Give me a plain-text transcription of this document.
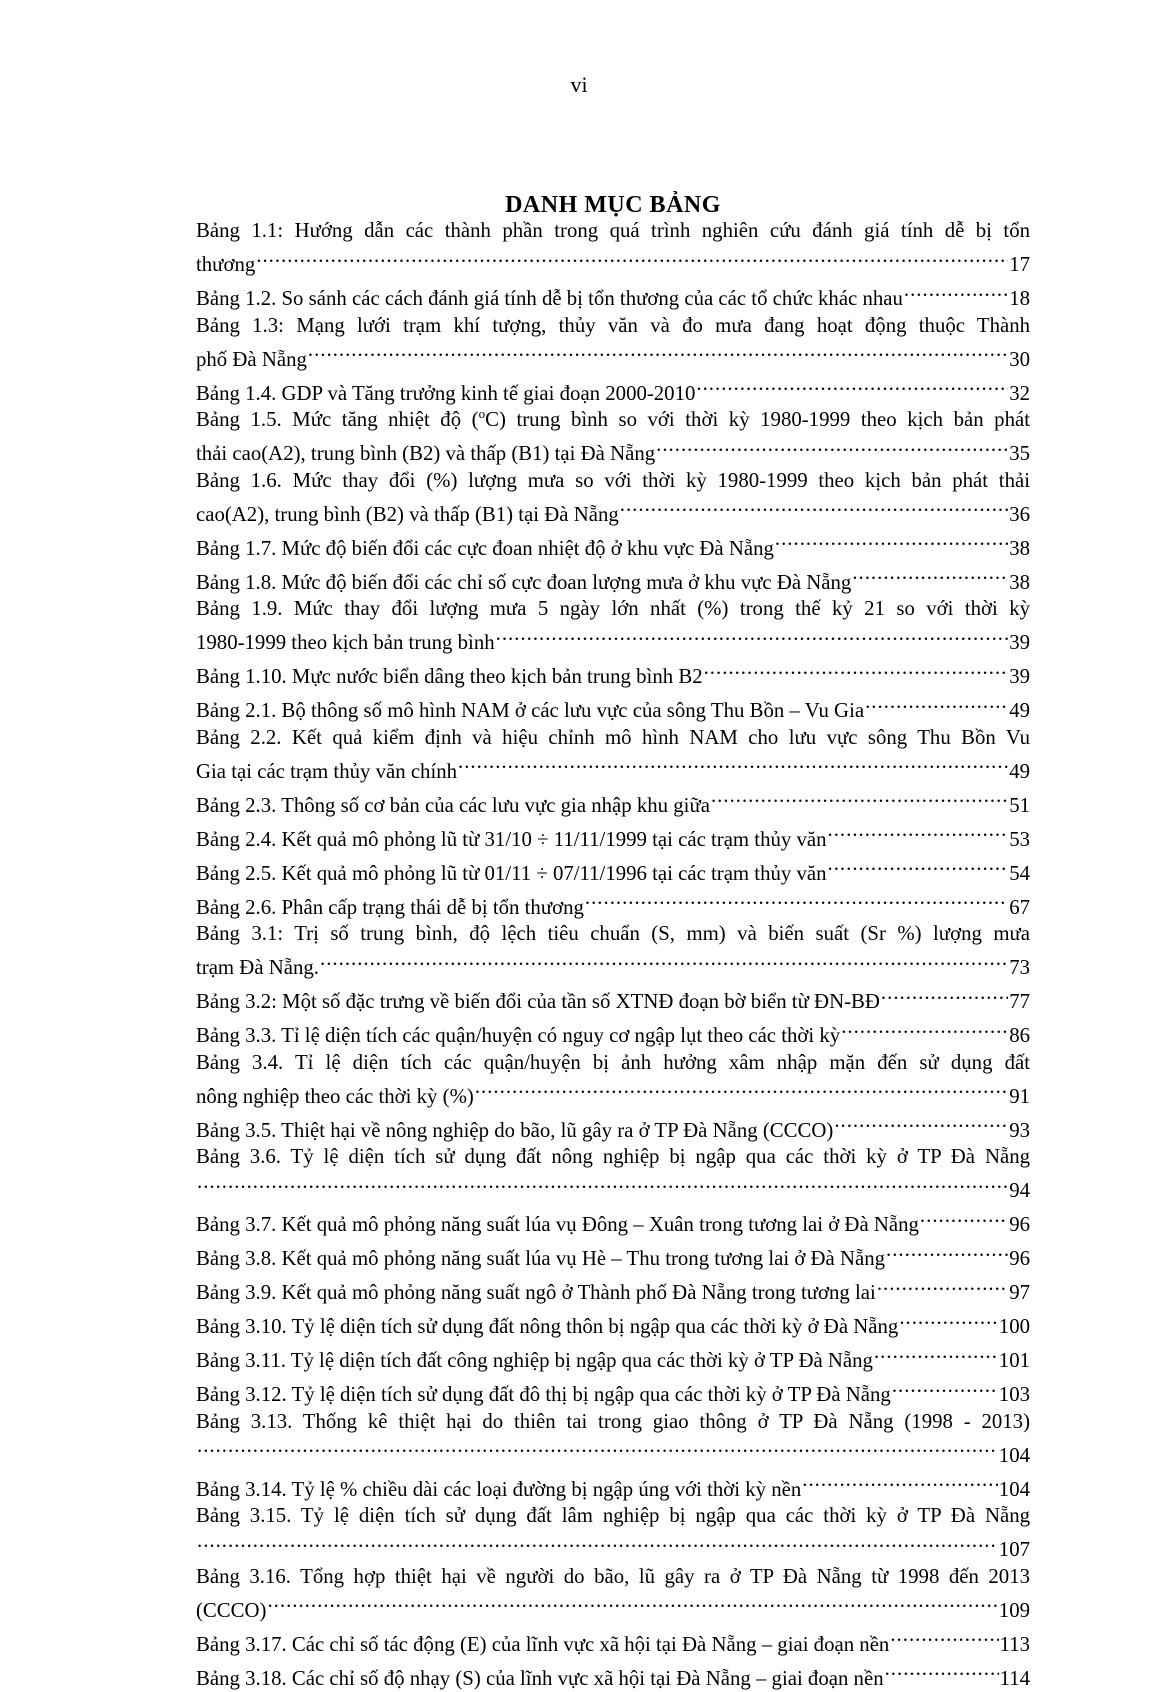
vi
DANH MỤC BẢNG
Bảng 1.1: Hướng dẫn các thành phần trong quá trình nghiên cứu đánh giá tính dễ bị tổn
thương .....	17
Bảng 1.2. So sánh các cách đánh giá tính dễ bị tổn thương của các tổ chức khác nhau .....	18
Bảng 1.3: Mạng lưới trạm khí tượng, thủy văn và đo mưa đang hoạt động thuộc Thành
phố Đà Nẵng .....	30
Bảng 1.4. GDP và Tăng trưởng kinh tế giai đoạn 2000-2010 .....	32
Bảng 1.5. Mức tăng nhiệt độ ($^o$C) trung bình so với thời kỳ 1980-1999 theo kịch bản phát
thải cao(A2), trung bình (B2) và thấp (B1) tại Đà Nẵng .....	35
Bảng 1.6. Mức thay đổi (%) lượng mưa so với thời kỳ 1980-1999 theo kịch bản phát thải
cao(A2), trung bình (B2) và thấp (B1) tại Đà Nẵng .....	36
Bảng 1.7. Mức độ biến đổi các cực đoan nhiệt độ ở khu vực Đà Nẵng .....	38
Bảng 1.8. Mức độ biến đổi các chỉ số cực đoan lượng mưa ở khu vực Đà Nẵng .....	38
Bảng 1.9. Mức thay đổi lượng mưa 5 ngày lớn nhất (%) trong thế kỷ 21 so với thời kỳ
1980-1999 theo kịch bản trung bình .....	39
Bảng 1.10. Mực nước biển dâng theo kịch bản trung bình B2 .....	39
Bảng 2.1. Bộ thông số mô hình NAM ở các lưu vực của sông Thu Bồn – Vu Gia .....	49
Bảng 2.2. Kết quả kiểm định và hiệu chỉnh mô hình NAM cho lưu vực sông Thu Bồn Vu
Gia tại các trạm thủy văn chính .....	49
Bảng 2.3. Thông số cơ bản của các lưu vực gia nhập khu giữa .....	51
Bảng 2.4. Kết quả mô phỏng lũ từ 31/10 ÷ 11/11/1999 tại các trạm thủy văn .....	53
Bảng 2.5. Kết quả mô phỏng lũ từ 01/11 ÷ 07/11/1996 tại các trạm thủy văn .....	54
Bảng 2.6. Phân cấp trạng thái dễ bị tổn thương .....	67
Bảng 3.1: Trị số trung bình, độ lệch tiêu chuẩn (S, mm) và biến suất (Sr %) lượng mưa
trạm Đà Nẵng. .....	73
Bảng 3.2: Một số đặc trưng về biến đổi của tần số XTNĐ đoạn bờ biển từ ĐN-BĐ .....	77
Bảng 3.3. Tỉ lệ diện tích các quận/huyện có nguy cơ ngập lụt theo các thời kỳ .....	86
Bảng 3.4. Tỉ lệ diện tích các quận/huyện bị ảnh hưởng xâm nhập mặn đến sử dụng đất
nông nghiệp theo các thời kỳ (%) .....	91
Bảng 3.5. Thiệt hại về nông nghiệp do bão, lũ gây ra ở TP Đà Nẵng (CCCO) .....	93
Bảng 3.6. Tỷ lệ diện tích sử dụng đất nông nghiệp bị ngập qua các thời kỳ ở TP Đà Nẵng
.....
94
Bảng 3.7. Kết quả mô phỏng năng suất lúa vụ Đông – Xuân trong tương lai ở Đà Nẵng .....	96
Bảng 3.8. Kết quả mô phỏng năng suất lúa vụ Hè – Thu trong tương lai ở Đà Nẵng .....	96
Bảng 3.9. Kết quả mô phỏng năng suất ngô ở Thành phố Đà Nẵng trong tương lai .....	97
Bảng 3.10. Tỷ lệ diện tích sử dụng đất nông thôn bị ngập qua các thời kỳ ở Đà Nẵng .....	100
Bảng 3.11. Tỷ lệ diện tích đất công nghiệp bị ngập qua các thời kỳ ở TP Đà Nẵng .....	101
Bảng 3.12. Tỷ lệ diện tích sử dụng đất đô thị bị ngập qua các thời kỳ ở TP Đà Nẵng .....	103
Bảng 3.13. Thống kê thiệt hại do thiên tai trong giao thông ở TP Đà Nẵng (1998 - 2013)
.....
104
Bảng 3.14. Tỷ lệ % chiều dài các loại đường bị ngập úng với thời kỳ nền .....	104
Bảng 3.15. Tỷ lệ diện tích sử dụng đất lâm nghiệp bị ngập qua các thời kỳ ở TP Đà Nẵng
.....
107
Bảng 3.16. Tổng hợp thiệt hại về người do bão, lũ gây ra ở TP Đà Nẵng từ 1998 đến 2013
(CCCO) .....	109
Bảng 3.17. Các chỉ số tác động (E) của lĩnh vực xã hội tại Đà Nẵng – giai đoạn nền .....	113
Bảng 3.18. Các chỉ số độ nhạy (S) của lĩnh vực xã hội tại Đà Nẵng – giai đoạn nền .....	114
